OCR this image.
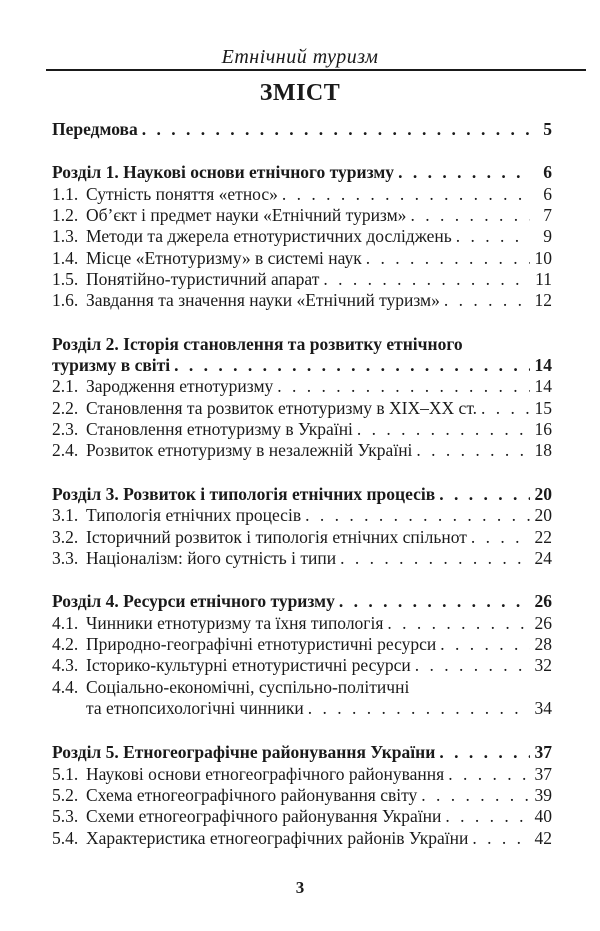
Етнічний туризм
ЗМІСТ
Передмова . . .	5
Розділ 1. Наукові основи етнічного туризму . . .	6
1.1. Сутність поняття «етнос» . . .	6
1.2. Об’єкт і предмет науки «Етнічний туризм» . . .	7
1.3. Методи та джерела етнотуристичних досліджень . . .	9
1.4. Місце «Етнотуризму» в системі наук . . .	10
1.5. Понятійно-туристичний апарат . . .	11
1.6. Завдання та значення науки «Етнічний туризм» . . .	12
Розділ 2. Історія становлення та розвитку етнічного
туризму в світі . . .	14
2.1. Зародження етнотуризму . . .	14
2.2. Становлення та розвиток етнотуризму в XIX–XX ст. . . .	15
2.3. Становлення етнотуризму в Україні . . .	16
2.4. Розвиток етнотуризму в незалежній Україні . . .	18
Розділ 3. Розвиток і типологія етнічних процесів . . .	20
3.1. Типологія етнічних процесів . . .	20
3.2. Історичний розвиток і типологія етнічних спільнот . . .	22
3.3. Націоналізм: його сутність і типи . . .	24
Розділ 4. Ресурси етнічного туризму . . .	26
4.1. Чинники етнотуризму та їхня типологія . . .	26
4.2. Природно-географічні етнотуристичні ресурси . . .	28
4.3. Історико-культурні етнотуристичні ресурси . . .	32
4.4. Соціально-економічні, суспільно-політичні
та етнопсихологічні чинники . . .	34
Розділ 5. Етногеографічне районування України . . .	37
5.1. Наукові основи етногеографічного районування . . .	37
5.2. Схема етногеографічного районування світу . . .	39
5.3. Схеми етногеографічного районування України . . .	40
5.4. Характеристика етногеографічних районів України . . .	42
3
